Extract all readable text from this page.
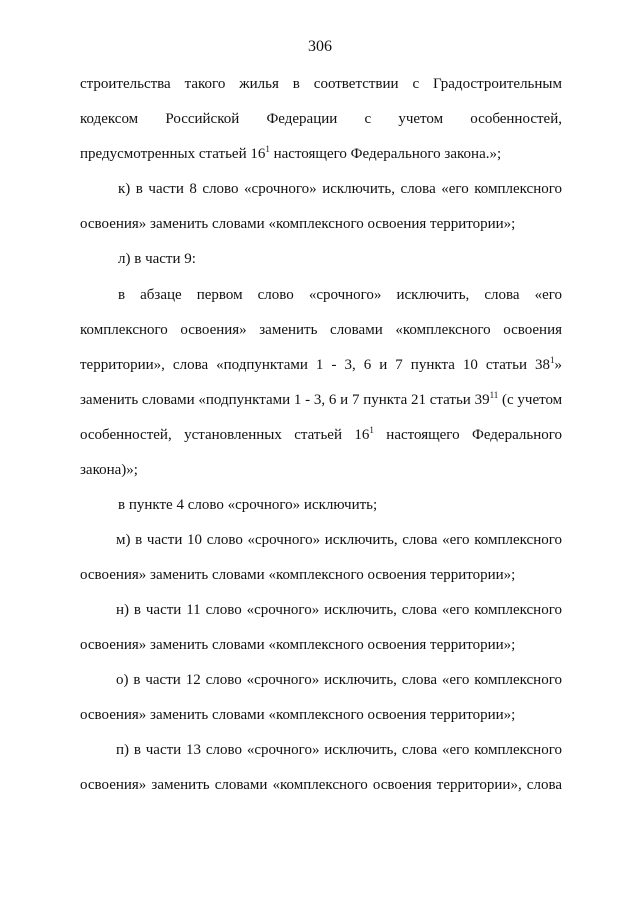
306
строительства такого жилья в соответствии с Градостроительным
кодексом Российской Федерации с учетом особенностей,
предусмотренных статьей $16^1$ настоящего Федерального закона.»;
к) в части 8 слово «срочного» исключить, слова «его комплексного
освоения» заменить словами «комплексного освоения территории»;
л) в части 9:
в абзаце первом слово «срочного» исключить, слова «его
комплексного освоения» заменить словами «комплексного освоения
территории», слова «подпунктами 1 - 3, 6 и 7 пункта 10 статьи $38^1$»
заменить словами «подпунктами 1 - 3, 6 и 7 пункта 21 статьи $39^{11}$ (с учетом
особенностей, установленных статьей $16^1$ настоящего Федерального
закона)»;
в пункте 4 слово «срочного» исключить;
м) в части 10 слово «срочного» исключить, слова «его комплексного
освоения» заменить словами «комплексного освоения территории»;
н) в части 11 слово «срочного» исключить, слова «его комплексного
освоения» заменить словами «комплексного освоения территории»;
о) в части 12 слово «срочного» исключить, слова «его комплексного
освоения» заменить словами «комплексного освоения территории»;
п) в части 13 слово «срочного» исключить, слова «его комплексного
освоения» заменить словами «комплексного освоения территории», слова
